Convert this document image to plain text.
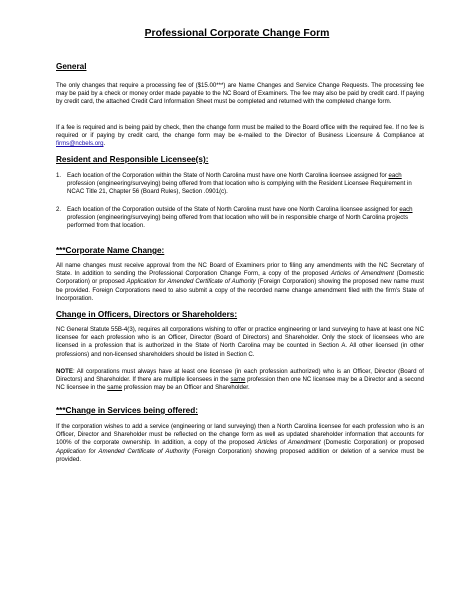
Professional Corporate Change Form
General

The only changes that require a processing fee of ($15.00***) are Name Changes and Service Change Requests. The processing fee may be paid by a check or money order made payable to the NC Board of Examiners. The fee may also be paid by credit card. If paying by credit card, the attached Credit Card Information Sheet must be completed and returned with the completed change form.

If a fee is required and is being paid by check, then the change form must be mailed to the Board office with the required fee. If no fee is required or if paying by credit card, the change form may be e-mailed to the Director of Business Licensure & Compliance at firms@ncbels.org.

Resident and Responsible Licensee(s):
1. Each location of the Corporation within the State of North Carolina must have one North Carolina licensee assigned for each profession (engineering/surveying) being offered from that location who is complying with the Resident Licensee Requirement in NCAC Title 21, Chapter 56 (Board Rules), Section .0901(c).
2. Each location of the Corporation outside of the State of North Carolina must have one North Carolina licensee assigned for each profession (engineering/surveying) being offered from that location who will be in responsible charge of North Carolina projects performed from that location.
***Corporate Name Change:

All name changes must receive approval from the NC Board of Examiners prior to filing any amendments with the NC Secretary of State. In addition to sending the Professional Corporation Change Form, a copy of the proposed Articles of Amendment (Domestic Corporation) or proposed Application for Amended Certificate of Authority (Foreign Corporation) showing the proposed new name must be provided. Foreign Corporations need to also submit a copy of the recorded name change amendment filed with the firm’s State of Incorporation.

Change in Officers, Directors or Shareholders:

NC General Statute 55B-4(3), requires all corporations wishing to offer or practice engineering or land surveying to have at least one NC licensee for each profession who is an Officer, Director (Board of Directors) and Shareholder. Only the stock of licensees who are licensed in a profession that is authorized in the State of North Carolina may be counted in Section A. All other licensed (in other professions) and non-licensed shareholders should be listed in Section C.

NOTE: All corporations must always have at least one licensee (in each profession authorized) who is an Officer, Director (Board of Directors) and Shareholder. If there are multiple licensees in the same profession then one NC licensee may be a Director and a second NC licensee in the same profession may be an Officer and Shareholder.

***Change in Services being offered:

If the corporation wishes to add a service (engineering or land surveying) then a North Carolina licensee for each profession who is an Officer, Director and Shareholder must be reflected on the change form as well as updated shareholder information that accounts for 100% of the corporate ownership. In addition, a copy of the proposed Articles of Amendment (Domestic Corporation) or proposed Application for Amended Certificate of Authority (Foreign Corporation) showing proposed addition or deletion of a service must be provided.
